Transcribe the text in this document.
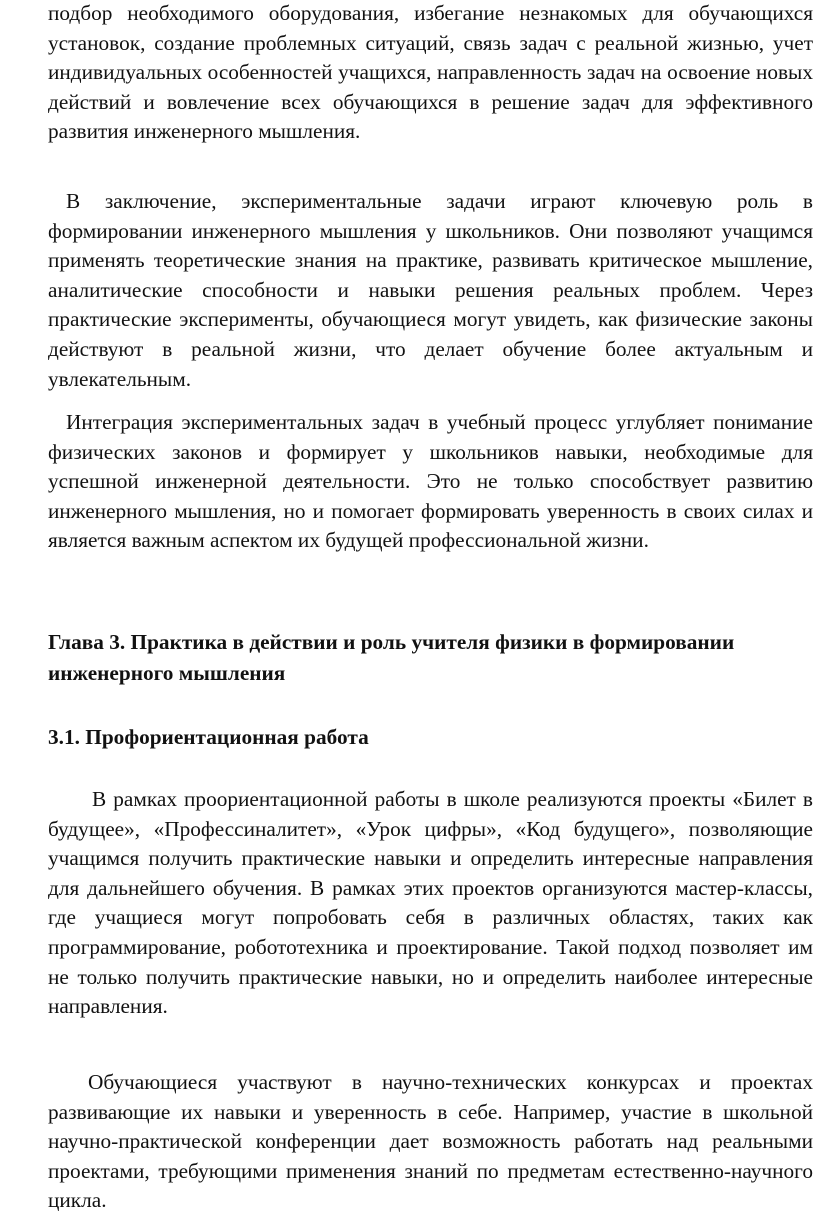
подбор необходимого оборудования, избегание незнакомых для обучающихся установок, создание проблемных ситуаций, связь задач с реальной жизнью, учет индивидуальных особенностей учащихся, направленность задач на освоение новых действий и вовлечение всех обучающихся в решение задач для эффективного развития инженерного мышления.

В заключение, экспериментальные задачи играют ключевую роль в формировании инженерного мышления у школьников. Они позволяют учащимся применять теоретические знания на практике, развивать критическое мышление, аналитические способности и навыки решения реальных проблем. Через практические эксперименты, обучающиеся могут увидеть, как физические законы действуют в реальной жизни, что делает обучение более актуальным и увлекательным.

Интеграция экспериментальных задач в учебный процесс углубляет понимание физических законов и формирует у школьников навыки, необходимые для успешной инженерной деятельности. Это не только способствует развитию инженерного мышления, но и помогает формировать уверенность в своих силах и является важным аспектом их будущей профессиональной жизни.

Глава 3. Практика в действии и роль учителя физики в формировании инженерного мышления
3.1. Профориентационная работа

В рамках проориентационной работы в школе реализуются проекты «Билет в будущее», «Профессиналитет», «Урок цифры», «Код будущего», позволяющие учащимся получить практические навыки и определить интересные направления для дальнейшего обучения. В рамках этих проектов организуются мастер-классы, где учащиеся могут попробовать себя в различных областях, таких как программирование, робототехника и проектирование. Такой подход позволяет им не только получить практические навыки, но и определить наиболее интересные направления.

Обучающиеся участвуют в научно-технических конкурсах и проектах развивающие их навыки и уверенность в себе. Например, участие в школьной научно-практической конференции дает возможность работать над реальными проектами, требующими применения знаний по предметам естественно-научного цикла.
